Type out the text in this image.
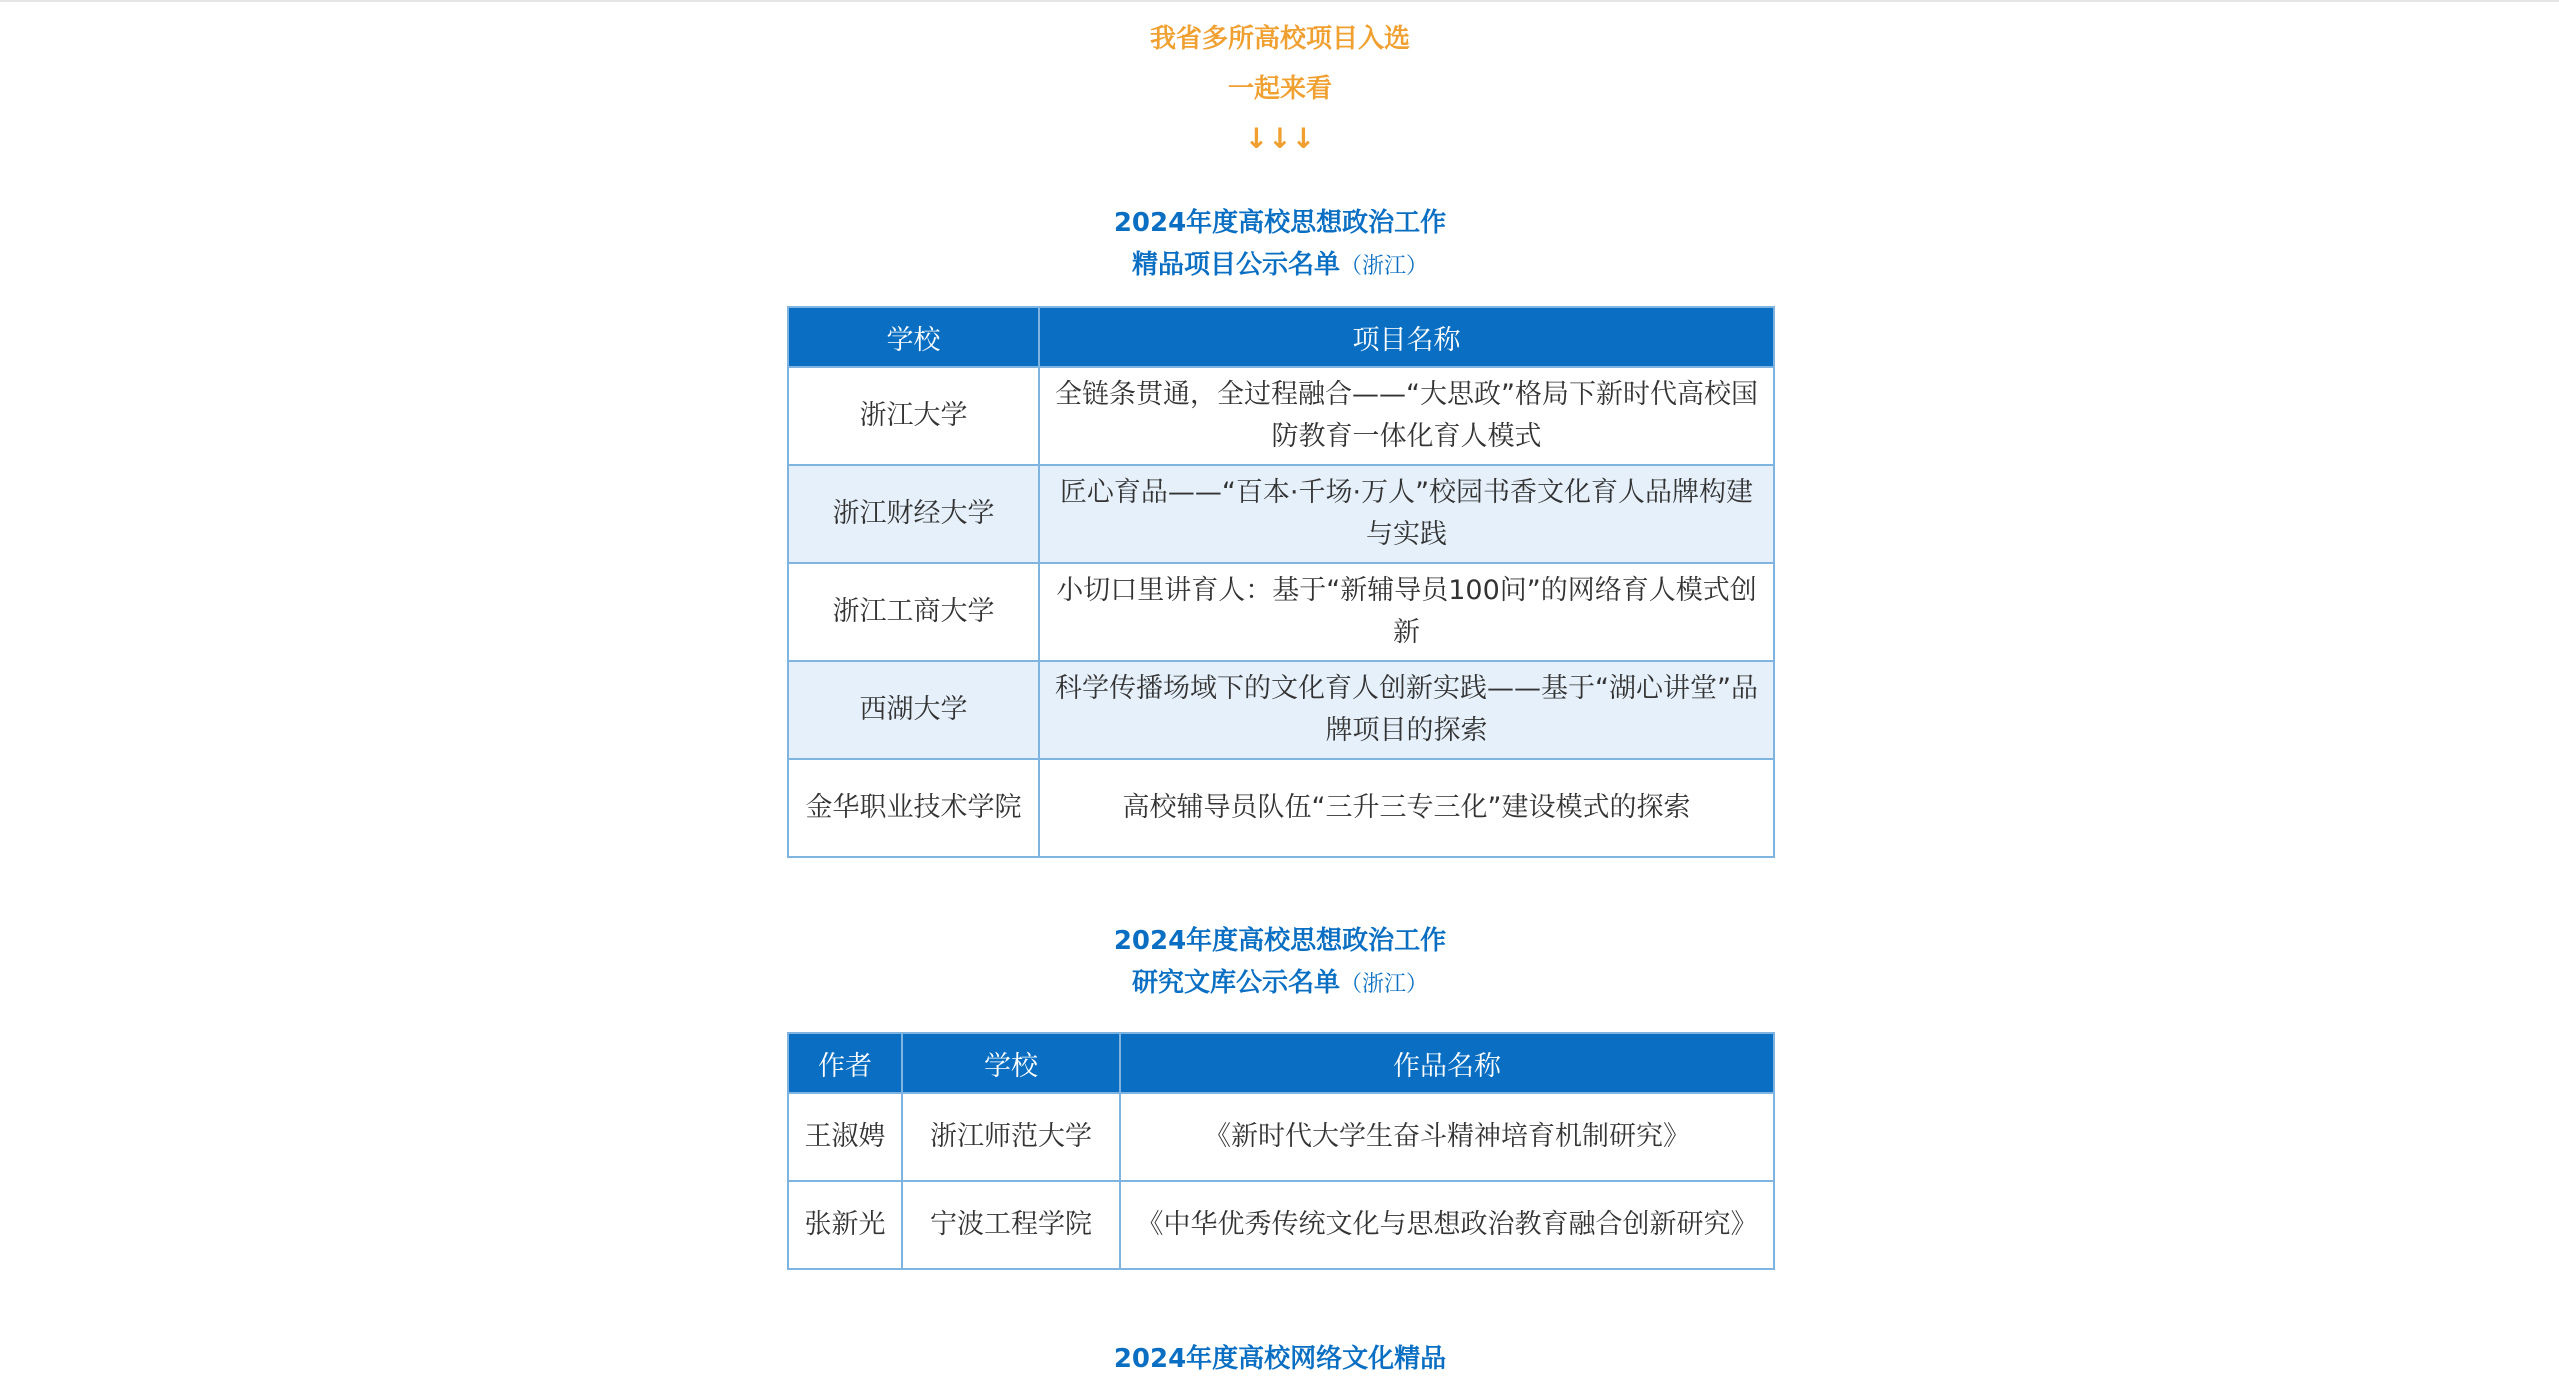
我省多所高校项目入选
一起来看
↓↓↓
2024年度高校思想政治工作
精品项目公示名单（浙江）
学校	项目名称
浙江大学	全链条贯通，全过程融合——“大思政”格局下新时代高校国防教育一体化育人模式
浙江财经大学	匠心育品——“百本·千场·万人”校园书香文化育人品牌构建与实践
浙江工商大学	小切口里讲育人：基于“新辅导员100问”的网络育人模式创新
西湖大学	科学传播场域下的文化育人创新实践——基于“湖心讲堂”品牌项目的探索
金华职业技术学院	高校辅导员队伍“三升三专三化”建设模式的探索
2024年度高校思想政治工作
研究文库公示名单（浙江）
作者	学校	作品名称
王淑娉	浙江师范大学	《新时代大学生奋斗精神培育机制研究》
张新光	宁波工程学院	《中华优秀传统文化与思想政治教育融合创新研究》
2024年度高校网络文化精品
